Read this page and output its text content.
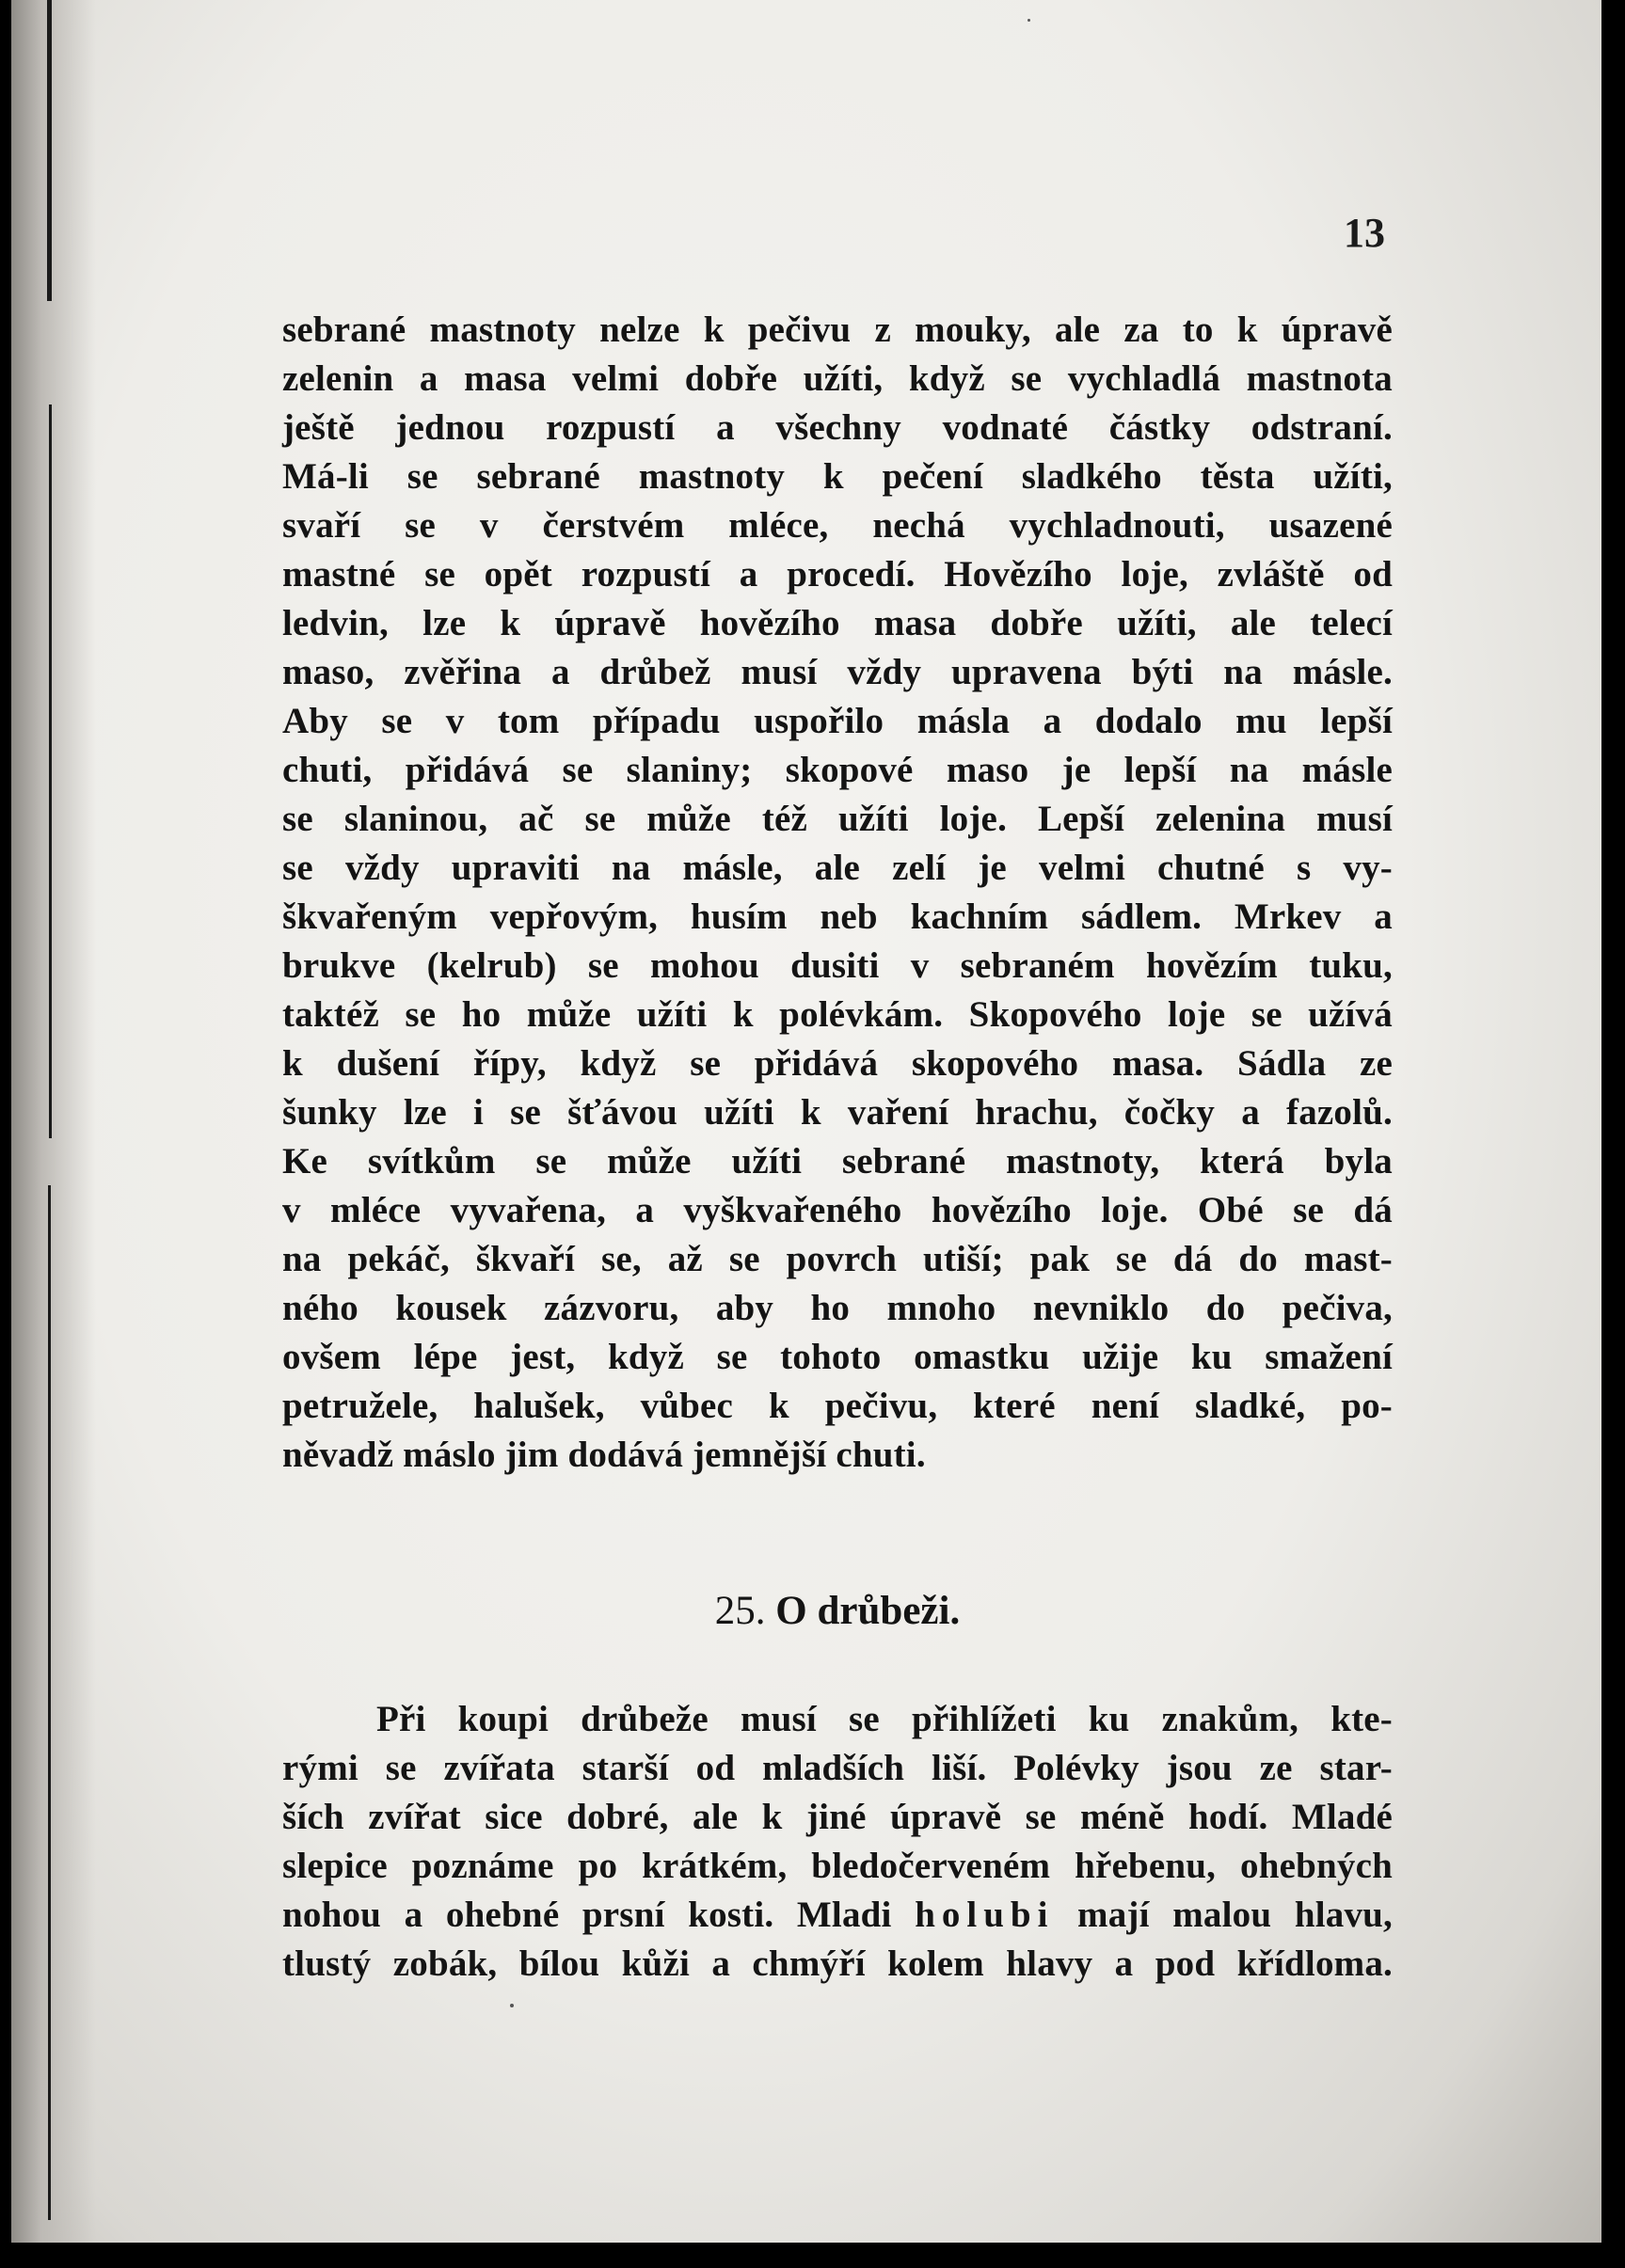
13
sebrané mastnoty nelze k pečivu z mouky, ale za to k úpravě
zelenin a masa velmi dobře užíti, když se vychladlá mastnota
ještě jednou rozpustí a všechny vodnaté částky odstraní.
Má-li se sebrané mastnoty k pečení sladkého těsta užíti,
svaří se v čerstvém mléce, nechá vychladnouti, usazené
mastné se opět rozpustí a procedí. Hovězího loje, zvláště od
ledvin, lze k úpravě hovězího masa dobře užíti, ale telecí
maso, zvěřina a drůbež musí vždy upravena býti na másle.
Aby se v tom případu uspořilo másla a dodalo mu lepší
chuti, přidává se slaniny; skopové maso je lepší na másle
se slaninou, ač se může též užíti loje. Lepší zelenina musí
se vždy upraviti na másle, ale zelí je velmi chutné s vy-
škvařeným vepřovým, husím neb kachním sádlem. Mrkev a
brukve (kelrub) se mohou dusiti v sebraném hovězím tuku,
taktéž se ho může užíti k polévkám. Skopového loje se užívá
k dušení řípy, když se přidává skopového masa. Sádla ze
šunky lze i se šťávou užíti k vaření hrachu, čočky a fazolů.
Ke svítkům se může užíti sebrané mastnoty, která byla
v mléce vyvařena, a vyškvařeného hovězího loje. Obé se dá
na pekáč, škvaří se, až se povrch utiší; pak se dá do mast-
ného kousek zázvoru, aby ho mnoho nevniklo do pečiva,
ovšem lépe jest, když se tohoto omastku užije ku smažení
petruželе, halušek, vůbec k pečivu, které není sladké, po-
něvadž máslo jim dodává jemnější chuti.
25. O drůbeži.
Při koupi drůbeže musí se přihlížeti ku znakům, kte-
rými se zvířata starší od mladších liší. Polévky jsou ze star-
ších zvířat sice dobré, ale k jiné úpravě se méně hodí. Mladé
slepice poznáme po krátkém, bledočerveném hřebenu, ohebných
nohou a ohebné prsní kosti. Mladi holubi mají malou hlavu,
tlustý zobák, bílou kůži a chmýří kolem hlavy a pod křídloma.
